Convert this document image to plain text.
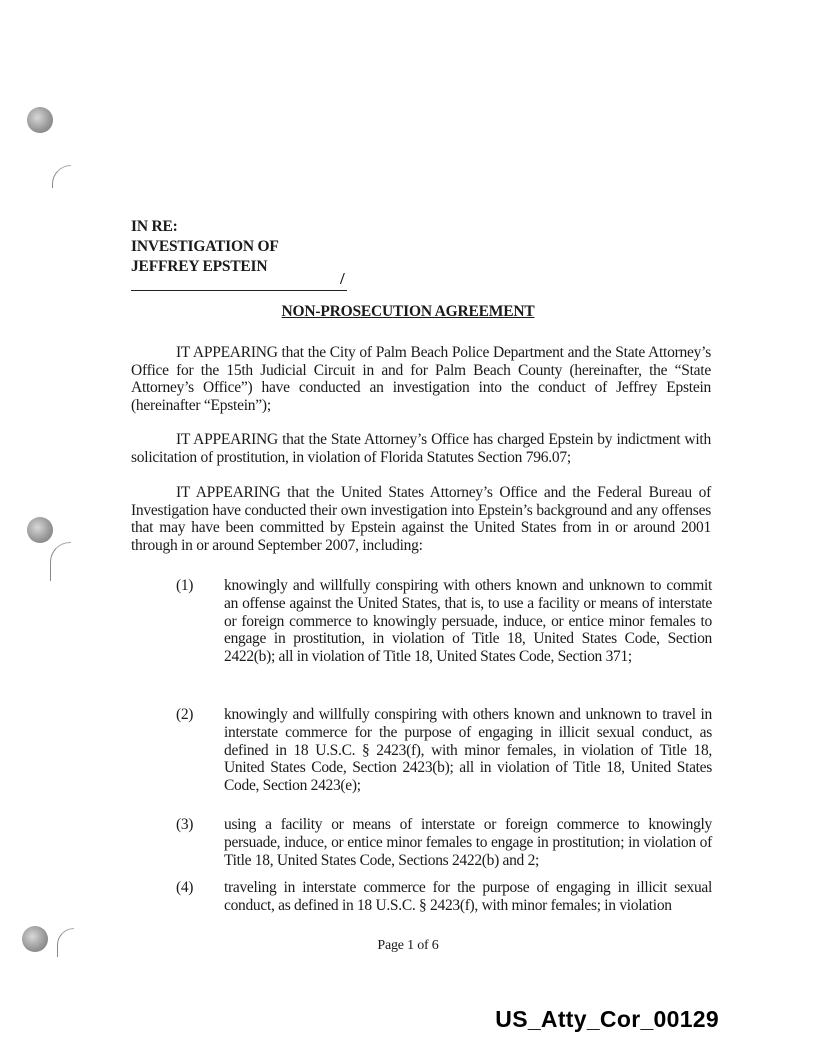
IN RE:
INVESTIGATION OF
JEFFREY EPSTEIN
/
NON-PROSECUTION AGREEMENT
IT APPEARING that the City of Palm Beach Police Department and the State Attorney’s Office for the 15th Judicial Circuit in and for Palm Beach County (hereinafter, the “State Attorney’s Office”) have conducted an investigation into the conduct of Jeffrey Epstein (hereinafter “Epstein”);
IT APPEARING that the State Attorney’s Office has charged Epstein by indictment with solicitation of prostitution, in violation of Florida Statutes Section 796.07;
IT APPEARING that the United States Attorney’s Office and the Federal Bureau of Investigation have conducted their own investigation into Epstein’s background and any offenses that may have been committed by Epstein against the United States from in or around 2001 through in or around September 2007, including:
(1)	knowingly and willfully conspiring with others known and unknown to commit an offense against the United States, that is, to use a facility or means of interstate or foreign commerce to knowingly persuade, induce, or entice minor females to engage in prostitution, in violation of Title 18, United States Code, Section 2422(b); all in violation of Title 18, United States Code, Section 371;
(2)	knowingly and willfully conspiring with others known and unknown to travel in interstate commerce for the purpose of engaging in illicit sexual conduct, as defined in 18 U.S.C. § 2423(f), with minor females, in violation of Title 18, United States Code, Section 2423(b); all in violation of Title 18, United States Code, Section 2423(e);
(3)	using a facility or means of interstate or foreign commerce to knowingly persuade, induce, or entice minor females to engage in prostitution; in violation of Title 18, United States Code, Sections 2422(b) and 2;
(4)	traveling in interstate commerce for the purpose of engaging in illicit sexual conduct, as defined in 18 U.S.C. § 2423(f), with minor females; in violation
Page 1 of 6
US_Atty_Cor_00129
